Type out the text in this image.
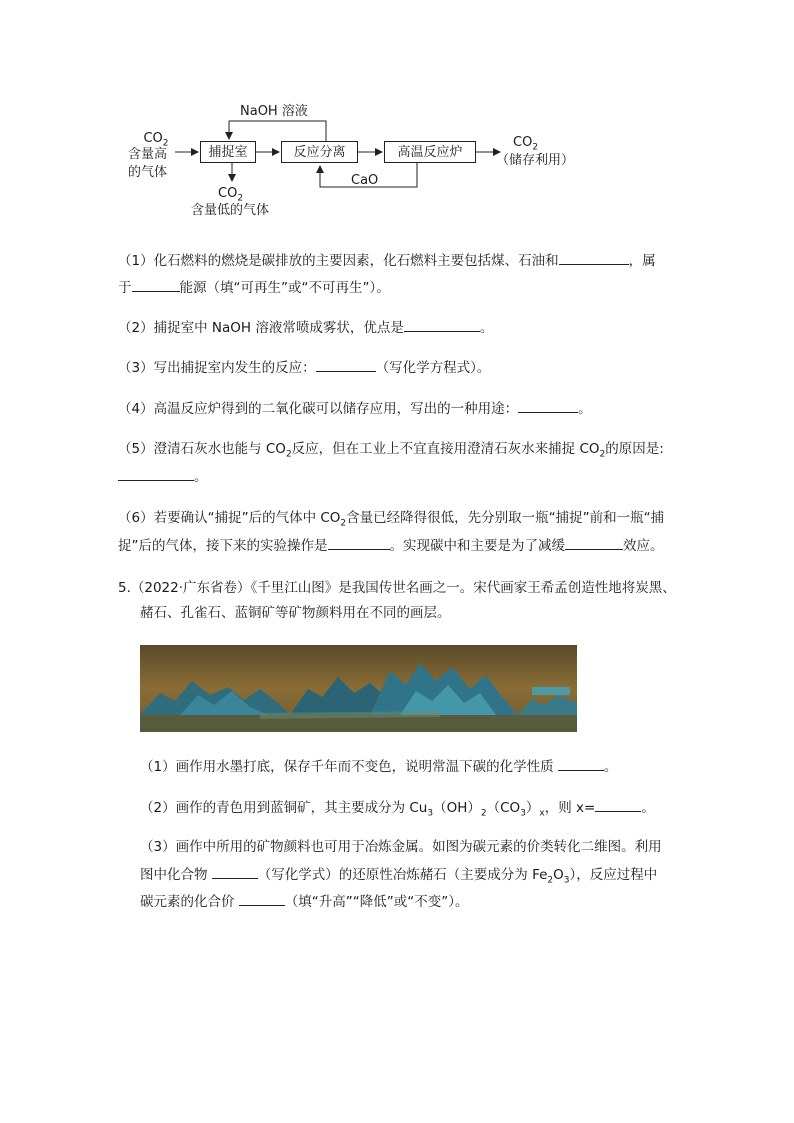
NaOH 溶液
$CO_2$
含量高
的气体
捕捉室	反应分离	高温反应炉
$CO_2$
（储存利用）
CaO
$CO_2$
含量低的气体
（1）化石燃料的燃烧是碳排放的主要因素，化石燃料主要包括煤、石油和	，属
于	能源（填“可再生”或“不可再生”）。
（2）捕捉室中 NaOH 溶液常喷成雾状，优点是	。
（3）写出捕捉室内发生的反应：	（写化学方程式）。
（4）高温反应炉得到的二氧化碳可以储存应用，写出的一种用途：	。
（5）澄清石灰水也能与 $CO_2$反应，但在工业上不宜直接用澄清石灰水来捕捉 $CO_2$的原因是:
。
（6）若要确认“捕捉”后的气体中 $CO_2$含量已经降得很低，先分别取一瓶“捕捉”前和一瓶“捕
捉”后的气体，接下来的实验操作是	。实现碳中和主要是为了减缓	效应。
5.（2022·广东省卷）《千里江山图》是我国传世名画之一。宋代画家王希孟创造性地将炭黑、
赭石、孔雀石、蓝铜矿等矿物颜料用在不同的画层。
（1）画作用水墨打底，保存千年而不变色，说明常温下碳的化学性质	。
（2）画作的青色用到蓝铜矿，其主要成分为 $Cu_3(OH)_2(CO_3)_x$，则 x=	。
（3）画作中所用的矿物颜料也可用于冶炼金属。如图为碳元素的价类转化二维图。利用
图中化合物	（写化学式）的还原性冶炼赭石（主要成分为 $Fe_2O_3$），反应过程中
碳元素的化合价	（填“升高”“降低”或“不变”）。
